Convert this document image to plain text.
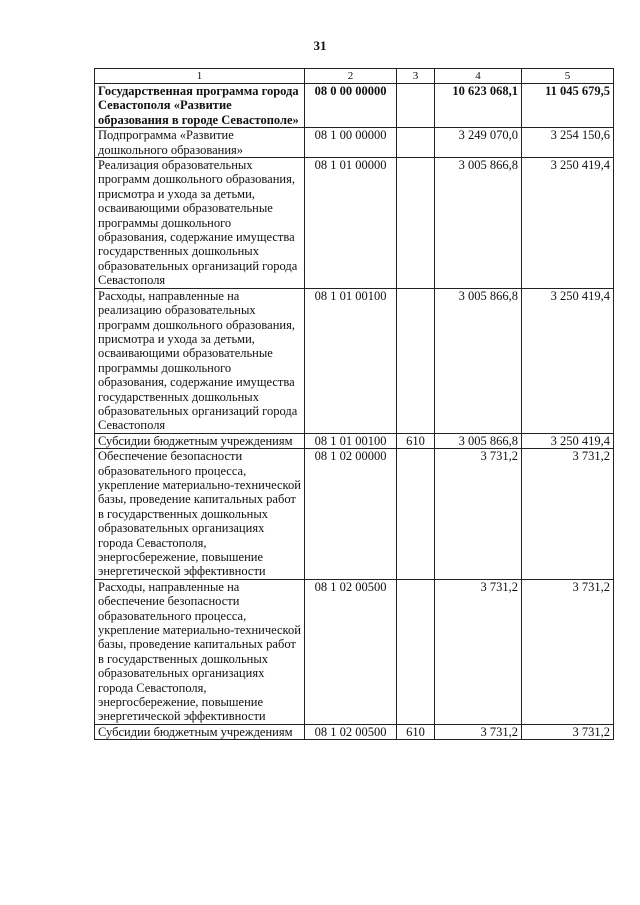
31
1	2	3	4	5
Государственная программа города Севастополя «Развитие образования в городе Севастополе»	08 0 00 00000		10 623 068,1	11 045 679,5
Подпрограмма «Развитие дошкольного образования»	08 1 00 00000		3 249 070,0	3 254 150,6
Реализация образовательных программ дошкольного образования, присмотра и ухода за детьми, осваивающими образовательные программы дошкольного образования, содержание имущества государственных дошкольных образовательных организаций города Севастополя	08 1 01 00000		3 005 866,8	3 250 419,4
Расходы, направленные на реализацию образовательных программ дошкольного образования, присмотра и ухода за детьми, осваивающими образовательные программы дошкольного образования, содержание имущества государственных дошкольных образовательных организаций города Севастополя	08 1 01 00100		3 005 866,8	3 250 419,4
Субсидии бюджетным учреждениям	08 1 01 00100	610	3 005 866,8	3 250 419,4
Обеспечение безопасности образовательного процесса, укрепление материально-технической базы, проведение капитальных работ в государственных дошкольных образовательных организациях города Севастополя, энергосбережение, повышение энергетической эффективности	08 1 02 00000		3 731,2	3 731,2
Расходы, направленные на обеспечение безопасности образовательного процесса, укрепление материально-технической базы, проведение капитальных работ в государственных дошкольных образовательных организациях города Севастополя, энергосбережение, повышение энергетической эффективности	08 1 02 00500		3 731,2	3 731,2
Субсидии бюджетным учреждениям	08 1 02 00500	610	3 731,2	3 731,2
